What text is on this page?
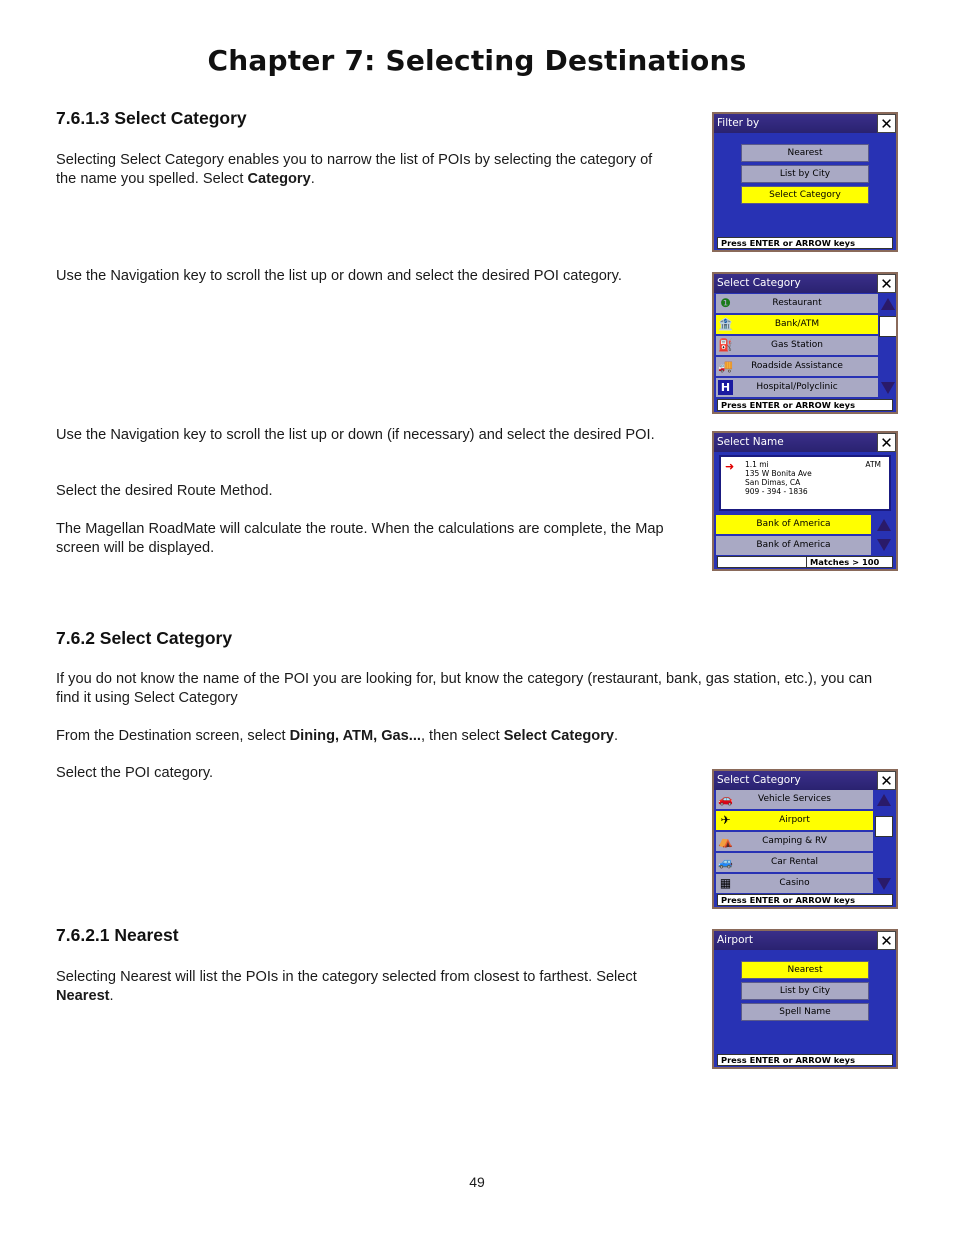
Chapter 7: Selecting Destinations
7.6.1.3 Select Category
Selecting Select Category enables you to narrow the list of POIs by selecting the category of the name you spelled. Select Category.
Use the Navigation key to scroll the list up or down and select the desired POI category.
Use the Navigation key to scroll the list up or down (if necessary) and select the desired POI.
Select the desired Route Method.
The Magellan RoadMate will calculate the route. When the calculations are complete, the Map screen will be displayed.
7.6.2 Select Category
If you do not know the name of the POI you are looking for, but know the category (restaurant, bank, gas station, etc.), you can find it using Select Category
From the Destination screen, select Dining, ATM, Gas..., then select Select Category.
Select the POI category.
7.6.2.1 Nearest
Selecting Nearest will list the POIs in the category selected from closest to farthest. Select Nearest.
49
Filter by	✕
Nearest
List by City
Select Category
Press ENTER or ARROW keys
Select Category	✕
❶	Restaurant
🏦	Bank/ATM
⛽	Gas Station
🚚 Roadside Assistance
H	Hospital/Polyclinic
Press ENTER or ARROW keys
Select Name	✕
➜ 1.1 mi	ATM
135 W Bonita Ave
San Dimas, CA
909 - 394 - 1836
Bank of America
Bank of America
Matches > 100
Select Category	✕
🚗	Vehicle Services
✈	Airport
⛺	Camping & RV
🚙	Car Rental
▦	Casino
Press ENTER or ARROW keys
Airport	✕
Nearest
List by City
Spell Name
Press ENTER or ARROW keys
